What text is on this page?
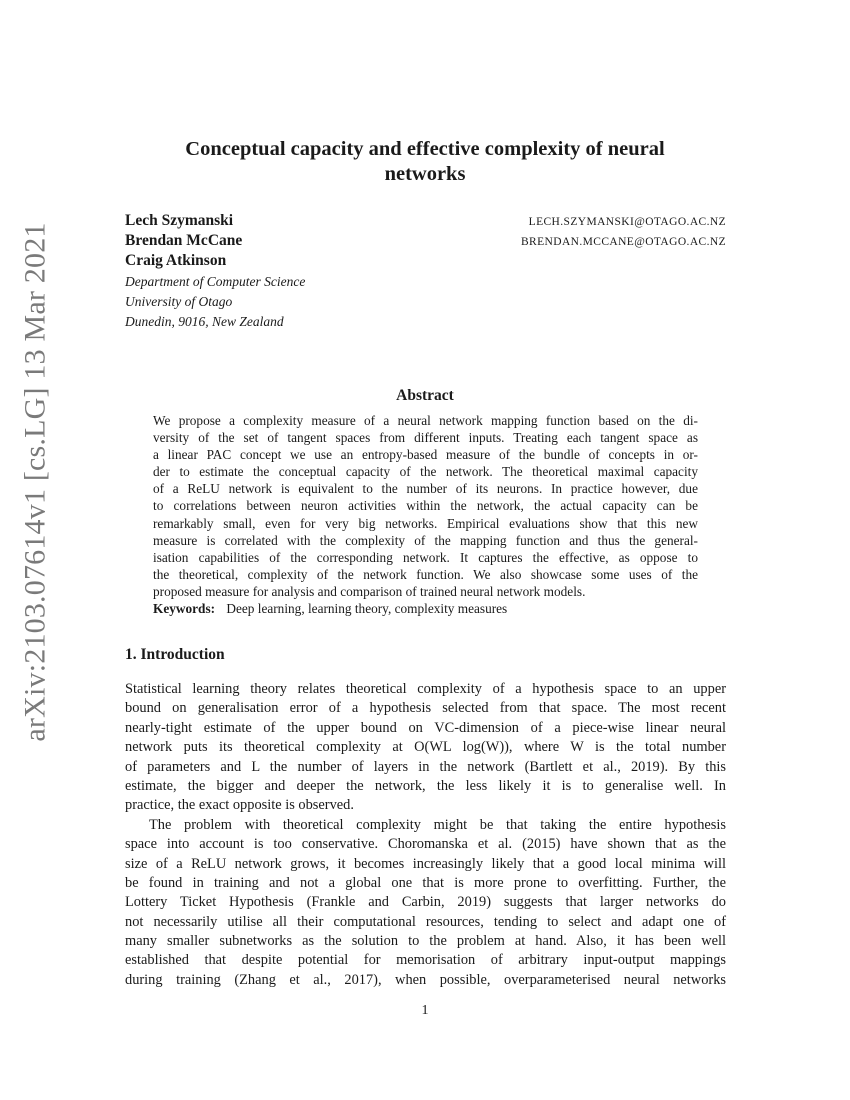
arXiv:2103.07614v1 [cs.LG] 13 Mar 2021
Conceptual capacity and effective complexity of neural
networks
Lech Szymanski	LECH.SZYMANSKI@OTAGO.AC.NZ
Brendan McCane	BRENDAN.MCCANE@OTAGO.AC.NZ
Craig Atkinson
Department of Computer Science
University of Otago
Dunedin, 9016, New Zealand
Abstract
We propose a complexity measure of a neural network mapping function based on the di-
versity of the set of tangent spaces from different inputs. Treating each tangent space as
a linear PAC concept we use an entropy-based measure of the bundle of concepts in or-
der to estimate the conceptual capacity of the network. The theoretical maximal capacity
of a ReLU network is equivalent to the number of its neurons. In practice however, due
to correlations between neuron activities within the network, the actual capacity can be
remarkably small, even for very big networks. Empirical evaluations show that this new
measure is correlated with the complexity of the mapping function and thus the general-
isation capabilities of the corresponding network. It captures the effective, as oppose to
the theoretical, complexity of the network function. We also showcase some uses of the
proposed measure for analysis and comparison of trained neural network models.
Keywords: Deep learning, learning theory, complexity measures
1. Introduction
Statistical learning theory relates theoretical complexity of a hypothesis space to an upper
bound on generalisation error of a hypothesis selected from that space. The most recent
nearly-tight estimate of the upper bound on VC-dimension of a piece-wise linear neural
network puts its theoretical complexity at O(WL log(W)), where W is the total number
of parameters and L the number of layers in the network (Bartlett et al., 2019). By this
estimate, the bigger and deeper the network, the less likely it is to generalise well. In
practice, the exact opposite is observed.
The problem with theoretical complexity might be that taking the entire hypothesis
space into account is too conservative. Choromanska et al. (2015) have shown that as the
size of a ReLU network grows, it becomes increasingly likely that a good local minima will
be found in training and not a global one that is more prone to overfitting. Further, the
Lottery Ticket Hypothesis (Frankle and Carbin, 2019) suggests that larger networks do
not necessarily utilise all their computational resources, tending to select and adapt one of
many smaller subnetworks as the solution to the problem at hand. Also, it has been well
established that despite potential for memorisation of arbitrary input-output mappings
during training (Zhang et al., 2017), when possible, overparameterised neural networks
1
